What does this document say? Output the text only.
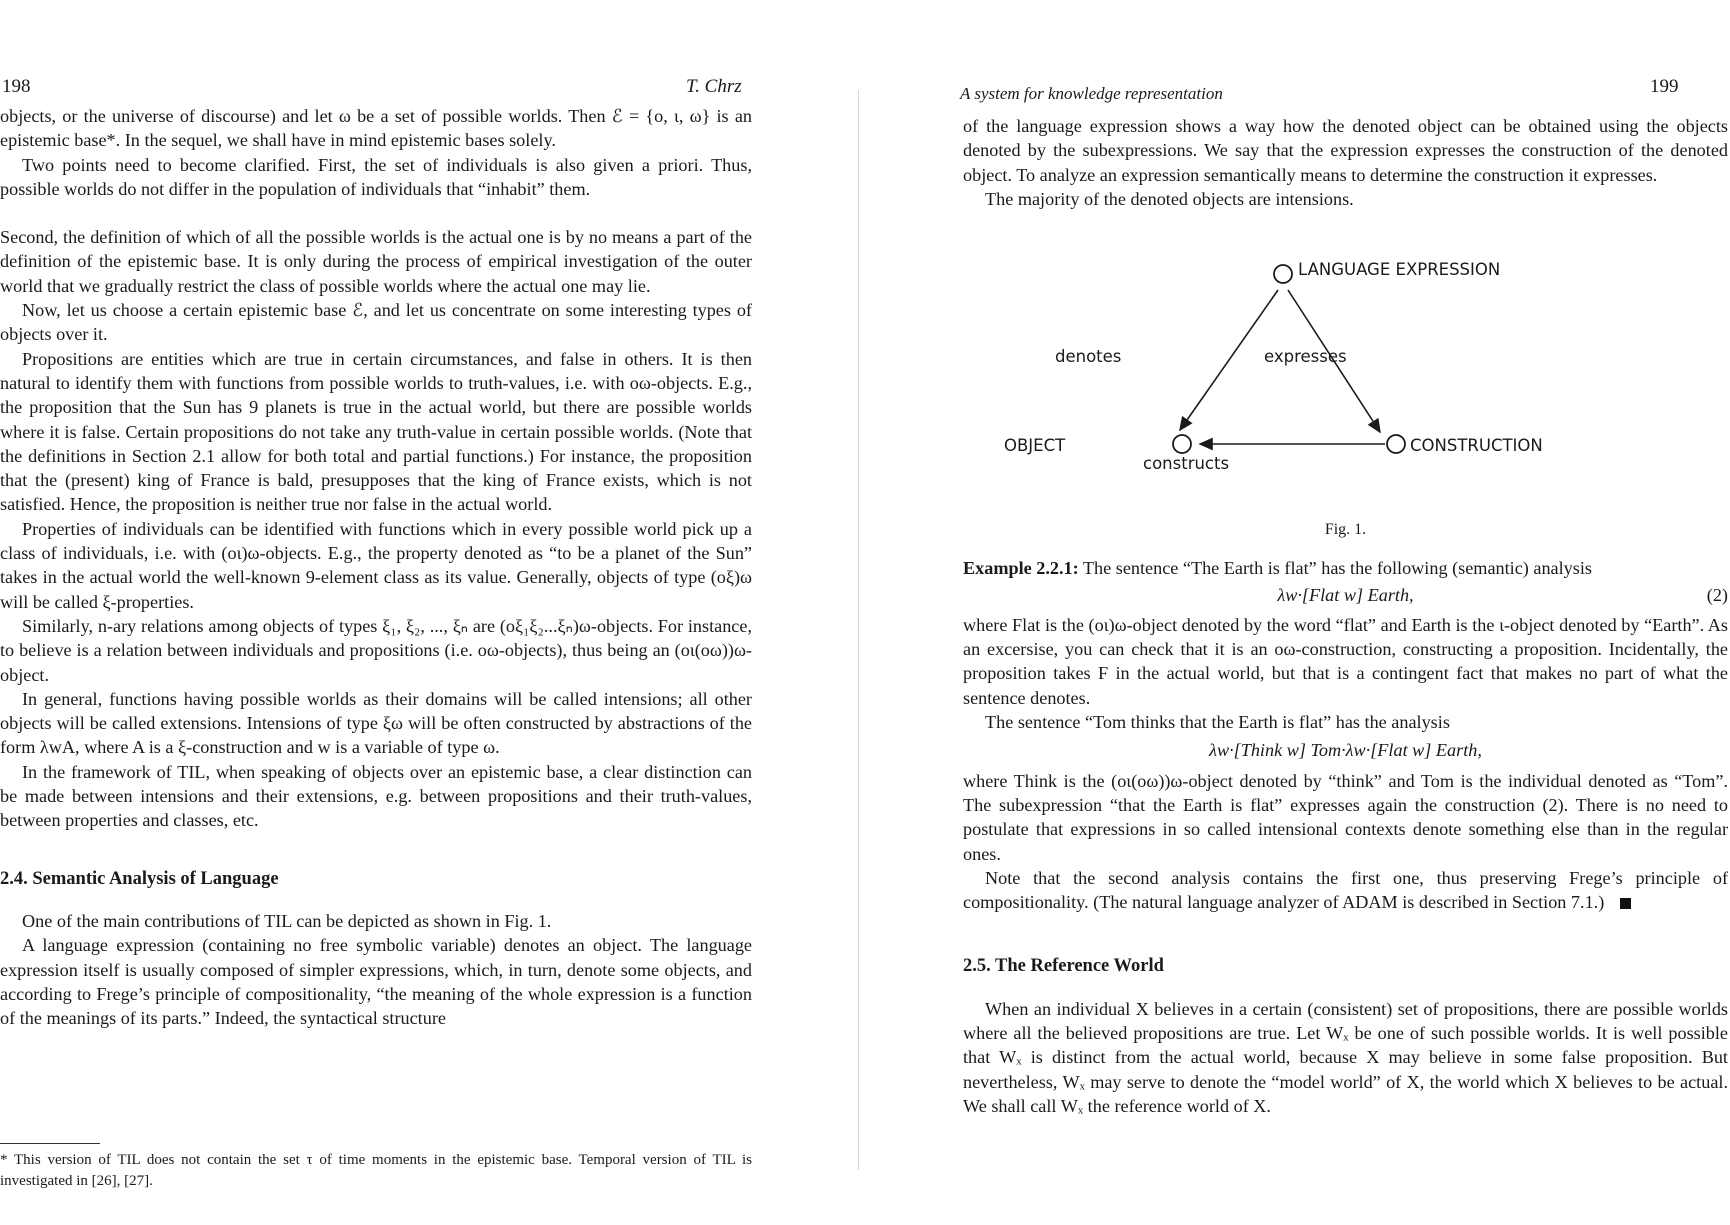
198	T. Chrz

objects, or the universe of discourse) and let ω be a set of possible worlds. Then ℰ = {o, ι, ω} is an epistemic base*. In the sequel, we shall have in mind epistemic bases solely.

Two points need to become clarified. First, the set of individuals is also given a priori. Thus, possible worlds do not differ in the population of individuals that “inhabit” them.

Second, the definition of which of all the possible worlds is the actual one is by no means a part of the definition of the epistemic base. It is only during the process of empirical investigation of the outer world that we gradually restrict the class of possible worlds where the actual one may lie.

Now, let us choose a certain epistemic base ℰ, and let us concentrate on some interesting types of objects over it.

Propositions are entities which are true in certain circumstances, and false in others. It is then natural to identify them with functions from possible worlds to truth-values, i.e. with oω-objects. E.g., the proposition that the Sun has 9 planets is true in the actual world, but there are possible worlds where it is false. Certain propositions do not take any truth-value in certain possible worlds. (Note that the definitions in Section 2.1 allow for both total and partial functions.) For instance, the proposition that the (present) king of France is bald, presupposes that the king of France exists, which is not satisfied. Hence, the proposition is neither true nor false in the actual world.

Properties of individuals can be identified with functions which in every possible world pick up a class of individuals, i.e. with (oι)ω-objects. E.g., the property denoted as “to be a planet of the Sun” takes in the actual world the well-known 9-element class as its value. Generally, objects of type (oξ)ω will be called ξ-properties.

Similarly, n-ary relations among objects of types ξ₁, ξ₂, ..., ξₙ are (oξ₁ξ₂...ξₙ)ω-objects. For instance, to believe is a relation between individuals and propositions (i.e. oω-objects), thus being an (oι(oω))ω-object.

In general, functions having possible worlds as their domains will be called intensions; all other objects will be called extensions. Intensions of type ξω will be often constructed by abstractions of the form λwA, where A is a ξ-construction and w is a variable of type ω.

In the framework of TIL, when speaking of objects over an epistemic base, a clear distinction can be made between intensions and their extensions, e.g. between propositions and their truth-values, between properties and classes, etc.

2.4. Semantic Analysis of Language

One of the main contributions of TIL can be depicted as shown in Fig. 1.

A language expression (containing no free symbolic variable) denotes an object. The language expression itself is usually composed of simpler expressions, which, in turn, denote some objects, and according to Frege’s principle of compositionality, “the meaning of the whole expression is a function of the meanings of its parts.” Indeed, the syntactical structure

* This version of TIL does not contain the set τ of time moments in the epistemic base. Temporal version of TIL is investigated in [26], [27].
A system for knowledge representation	199

of the language expression shows a way how the denoted object can be obtained using the objects denoted by the subexpressions. We say that the expression expresses the construction of the denoted object. To analyze an expression semantically means to determine the construction it expresses.

The majority of the denoted objects are intensions.

Fig. 1.

Example 2.2.1: The sentence “The Earth is flat” has the following (semantic) analysis

λw·[Flat w] Earth,	(2)

where Flat is the (oι)ω-object denoted by the word “flat” and Earth is the ι-object denoted by “Earth”. As an excersise, you can check that it is an oω-construction, constructing a proposition. Incidentally, the proposition takes F in the actual world, but that is a contingent fact that makes no part of what the sentence denotes.

The sentence “Tom thinks that the Earth is flat” has the analysis

λw·[Think w] Tom·λw·[Flat w] Earth,

where Think is the (oι(oω))ω-object denoted by “think” and Tom is the individual denoted as “Tom”. The subexpression “that the Earth is flat” expresses again the construction (2). There is no need to postulate that expressions in so called intensional contexts denote something else than in the regular ones.

Note that the second analysis contains the first one, thus preserving Frege’s principle of compositionality. (The natural language analyzer of ADAM is described in Section 7.1.)

2.5. The Reference World

When an individual X believes in a certain (consistent) set of propositions, there are possible worlds where all the believed propositions are true. Let Wₓ be one of such possible worlds. It is well possible that Wₓ is distinct from the actual world, because X may believe in some false proposition. But nevertheless, Wₓ may serve to denote the “model world” of X, the world which X believes to be actual. We shall call Wₓ the reference world of X.

LANGUAGE EXPRESSION
OBJECT	CONSTRUCTION
denotes	expresses
constructs
